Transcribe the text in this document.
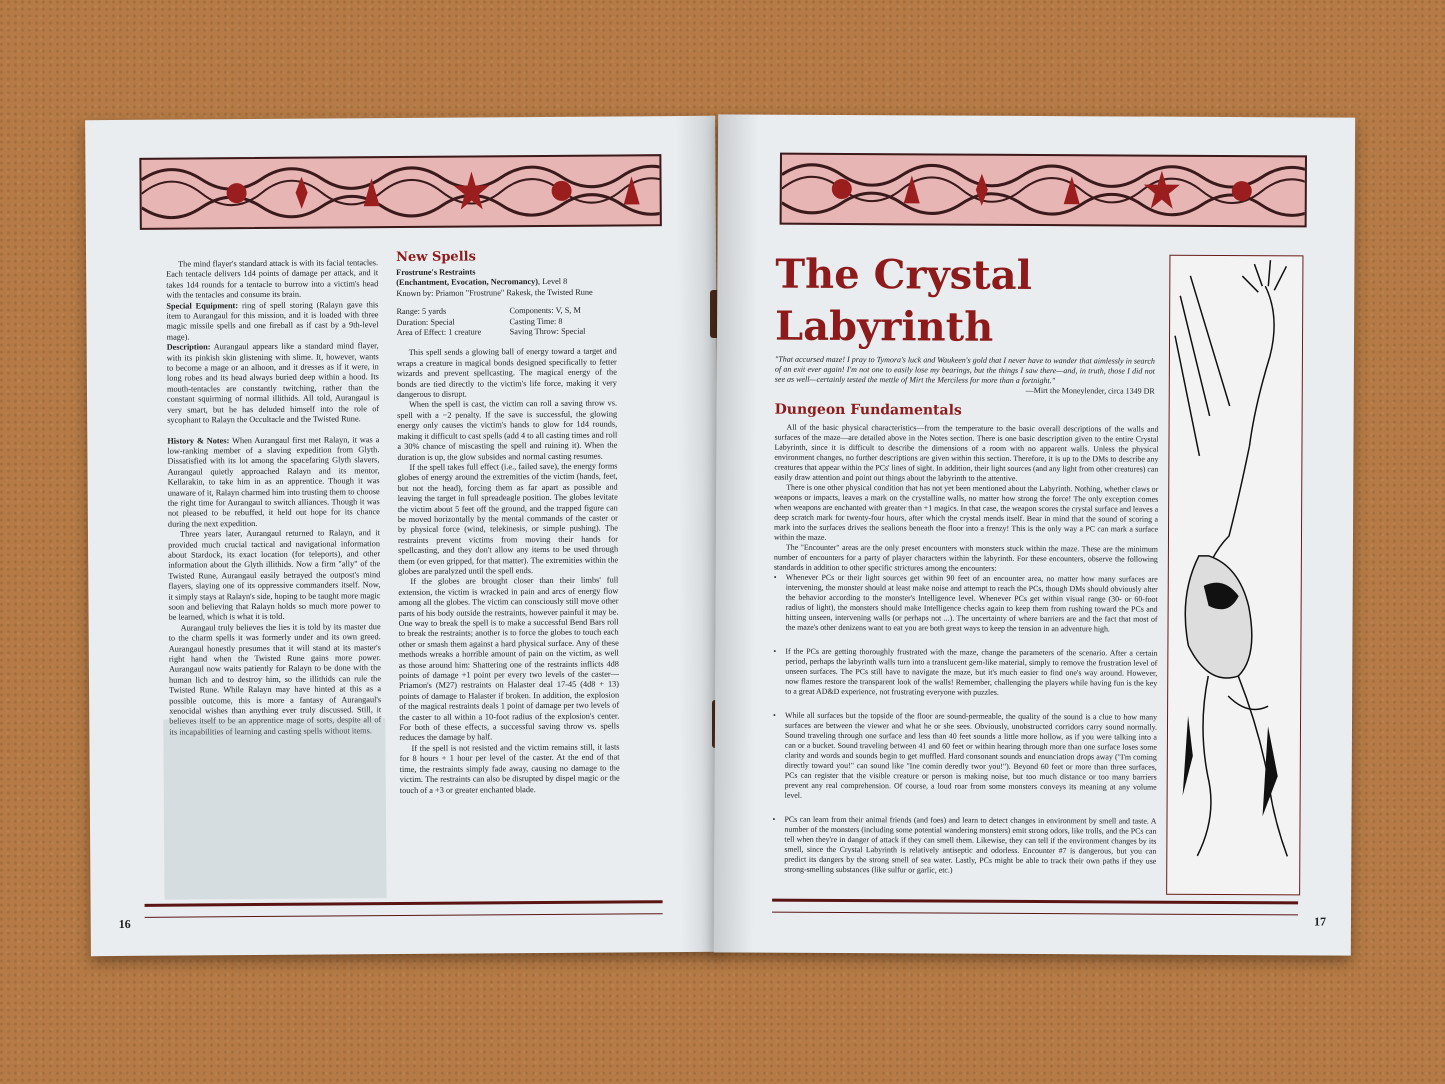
The mind flayer's standard attack is with its facial tentacles. Each tentacle delivers 1d4 points of damage per attack, and it takes 1d4 rounds for a tentacle to burrow into a victim's head with the tentacles and consume its brain.

Special Equipment: ring of spell storing (Ralayn gave this item to Aurangaul for this mission, and it is loaded with three magic missile spells and one fireball as if cast by a 9th-level mage).

Description: Aurangaul appears like a standard mind flayer, with its pinkish skin glistening with slime. It, however, wants to become a mage or an alhoon, and it dresses as if it were, in long robes and its head always buried deep within a hood. Its mouth-tentacles are constantly twitching, rather than the constant squirming of normal illithids. All told, Aurangaul is very smart, but he has deluded himself into the role of sycophant to Ralayn the Occultacle and the Twisted Rune.

History & Notes: When Aurangaul first met Ralayn, it was a low-ranking member of a slaving expedition from Glyth. Dissatisfied with its lot among the spacefaring Glyth slavers, Aurangaul quietly approached Ralayn and its mentor, Kellarakin, to take him in as an apprentice. Though it was unaware of it, Ralayn charmed him into trusting them to choose the right time for Aurangaul to switch alliances. Though it was not pleased to be rebuffed, it held out hope for its chance during the next expedition.

Three years later, Aurangaul returned to Ralayn, and it provided much crucial tactical and navigational information about Stardock, its exact location (for teleports), and other information about the Glyth illithids. Now a firm "ally" of the Twisted Rune, Aurangaul easily betrayed the outpost's mind flayers, slaying one of its oppressive commanders itself. Now, it simply stays at Ralayn's side, hoping to be taught more magic soon and believing that Ralayn holds so much more power to be learned, which is what it is told.

Aurangaul truly believes the lies it is told by its master due to the charm spells it was formerly under and its own greed. Aurangaul honestly presumes that it will stand at its master's right hand when the Twisted Rune gains more power. Aurangaul now waits patiently for Ralayn to be done with the human lich and to destroy him, so the illithids can rule the Twisted Rune. While Ralayn may have hinted at this as a possible outcome, this is more a fantasy of Aurangaul's xenocidal wishes than anything ever truly discussed. Still, it believes itself to be an apprentice mage of sorts, despite all of its incapabilities of learning and casting spells without items.

New Spells

Frostrune's Restraints

(Enchantment, Evocation, Necromancy), Level 8

Known by: Priamon "Frostrune" Rakesk, the Twisted Rune

Range: 5 yards	Components: V, S, M
Duration: Special	Casting Time: 8
Area of Effect: 1 creature	Saving Throw: Special

This spell sends a glowing ball of energy toward a target and wraps a creature in magical bonds designed specifically to fetter wizards and prevent spellcasting. The magical energy of the bonds are tied directly to the victim's life force, making it very dangerous to disrupt.

When the spell is cast, the victim can roll a saving throw vs. spell with a −2 penalty. If the save is successful, the glowing energy only causes the victim's hands to glow for 1d4 rounds, making it difficult to cast spells (add 4 to all casting times and roll a 30% chance of miscasting the spell and ruining it). When the duration is up, the glow subsides and normal casting resumes.

If the spell takes full effect (i.e., failed save), the energy forms globes of energy around the extremities of the victim (hands, feet, but not the head), forcing them as far apart as possible and leaving the target in full spreadeagle position. The globes levitate the victim about 5 feet off the ground, and the trapped figure can be moved horizontally by the mental commands of the caster or by physical force (wind, telekinesis, or simple pushing). The restraints prevent victims from moving their hands for spellcasting, and they don't allow any items to be used through them (or even gripped, for that matter). The extremities within the globes are paralyzed until the spell ends.

If the globes are brought closer than their limbs' full extension, the victim is wracked in pain and arcs of energy flow among all the globes. The victim can consciously still move other parts of his body outside the restraints, however painful it may be. One way to break the spell is to make a successful Bend Bars roll to break the restraints; another is to force the globes to touch each other or smash them against a hard physical surface. Any of these methods wreaks a horrible amount of pain on the victim, as well as those around him: Shattering one of the restraints inflicts 4d8 points of damage +1 point per every two levels of the caster—Priamon's (M27) restraints on Halaster deal 17-45 (4d8 + 13) points of damage to Halaster if broken. In addition, the explosion of the magical restraints deals 1 point of damage per two levels of the caster to all within a 10-foot radius of the explosion's center. For both of these effects, a successful saving throw vs. spells reduces the damage by half.

If the spell is not resisted and the victim remains still, it lasts for 8 hours + 1 hour per level of the caster. At the end of that time, the restraints simply fade away, causing no damage to the victim. The restraints can also be disrupted by dispel magic or the touch of a +3 or greater enchanted blade.

16
The Crystal
Labyrinth

"That accursed maze! I pray to Tymora's luck and Waukeen's gold that I never have to wander that aimlessly in search of an exit ever again! I'm not one to easily lose my bearings, but the things I saw there—and, in truth, those I did not see as well—certainly tested the mettle of Mirt the Merciless for more than a fortnight."

—Mirt the Moneylender, circa 1349 DR

Dungeon Fundamentals

All of the basic physical characteristics—from the temperature to the basic overall descriptions of the walls and surfaces of the maze—are detailed above in the Notes section. There is one basic description given to the entire Crystal Labyrinth, since it is difficult to describe the dimensions of a room with no apparent walls. Unless the physical environment changes, no further descriptions are given within this section. Therefore, it is up to the DMs to describe any creatures that appear within the PCs' lines of sight. In addition, their light sources (and any light from other creatures) can easily draw attention and point out things about the labyrinth to the attentive.

There is one other physical condition that has not yet been mentioned about the Labyrinth. Nothing, whether claws or weapons or impacts, leaves a mark on the crystalline walls, no matter how strong the force! The only exception comes when weapons are enchanted with greater than +1 magics. In that case, the weapon scores the crystal surface and leaves a deep scratch mark for twenty-four hours, after which the crystal mends itself. Bear in mind that the sound of scoring a mark into the surfaces drives the sealions beneath the floor into a frenzy! This is the only way a PC can mark a surface within the maze.

The "Encounter" areas are the only preset encounters with monsters stuck within the maze. These are the minimum number of encounters for a party of player characters within the labyrinth. For these encounters, observe the following standards in addition to other specific strictures among the encounters:

• Whenever PCs or their light sources get within 90 feet of an encounter area, no matter how many surfaces are intervening, the monster should at least make noise and attempt to reach the PCs, though DMs should obviously alter the behavior according to the monster's Intelligence level. Whenever PCs get within visual range (30- or 60-foot radius of light), the monsters should make Intelligence checks again to keep them from rushing toward the PCs and hitting unseen, intervening walls (or perhaps not ...). The uncertainty of where barriers are and the fact that most of the maze's other denizens want to eat you are both great ways to keep the tension in an adventure high.
• If the PCs are getting thoroughly frustrated with the maze, change the parameters of the scenario. After a certain period, perhaps the labyrinth walls turn into a translucent gem-like material, simply to remove the frustration level of unseen surfaces. The PCs still have to navigate the maze, but it's much easier to find one's way around. However, now flames restore the transparent look of the walls! Remember, challenging the players while having fun is the key to a great AD&D experience, not frustrating everyone with puzzles.
• While all surfaces but the topside of the floor are sound-permeable, the quality of the sound is a clue to how many surfaces are between the viewer and what he or she sees. Obviously, unobstructed corridors carry sound normally. Sound traveling through one surface and less than 40 feet sounds a little more hollow, as if you were talking into a can or a bucket. Sound traveling between 41 and 60 feet or within hearing through more than one surface loses some clarity and words and sounds begin to get muffled. Hard consonant sounds and enunciation drops away ("I'm coming directly toward you!" can sound like "Ine comin deredly twor you!"). Beyond 60 feet or more than three surfaces, PCs can register that the visible creature or person is making noise, but too much distance or too many barriers prevent any real comprehension. Of course, a loud roar from some monsters conveys its meaning at any volume level.
• PCs can learn from their animal friends (and foes) and learn to detect changes in environment by smell and taste. A number of the monsters (including some potential wandering monsters) emit strong odors, like trolls, and the PCs can tell when they're in danger of attack if they can smell them. Likewise, they can tell if the environment changes by its smell, since the Crystal Labyrinth is relatively antiseptic and odorless. Encounter #7 is dangerous, but you can predict its dangers by the strong smell of sea water. Lastly, PCs might be able to track their own paths if they use strong-smelling substances (like sulfur or garlic, etc.)
17
